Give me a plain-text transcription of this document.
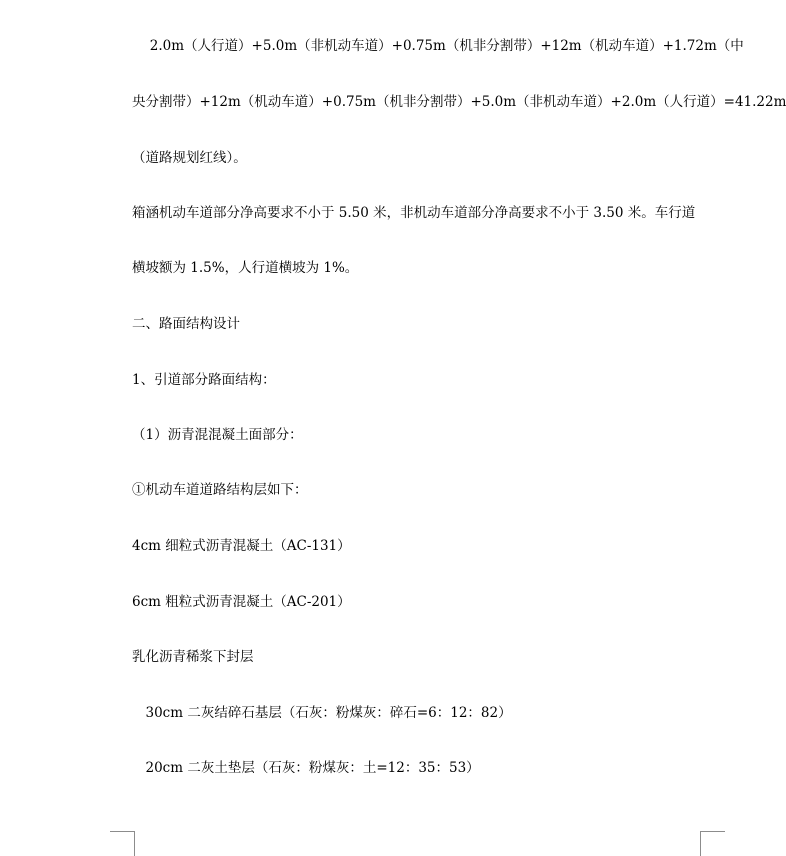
　 2.0m（人行道）+5.0m（非机动车道）+0.75m（机非分割带）+12m（机动车道）+1.72m（中
央分割带）+12m（机动车道）+0.75m（机非分割带）+5.0m（非机动车道）+2.0m（人行道）=41.22m
（道路规划红线）。
箱涵机动车道部分净高要求不小于 5.50 米，非机动车道部分净高要求不小于 3.50 米。车行道
横坡额为 1.5%，人行道横坡为 1%。
二、路面结构设计
1、引道部分路面结构：
（1）沥青混混凝土面部分：
①机动车道道路结构层如下：
4cm 细粒式沥青混凝土（AC-131）
6cm 粗粒式沥青混凝土（AC-201）
乳化沥青稀浆下封层
　30cm 二灰结碎石基层（石灰：粉煤灰：碎石=6：12：82）
　20cm 二灰土垫层（石灰：粉煤灰：土=12：35：53）
